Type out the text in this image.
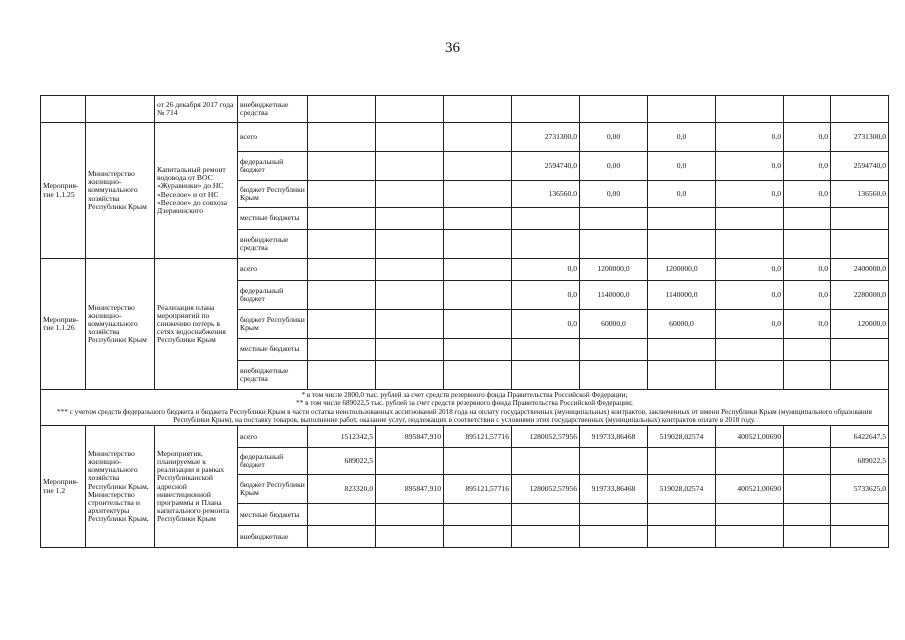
36
		от 26 декабря 2017 года № 714	внебюджетные средства									
Мероприя-тие 1.1.25	Министерство жилищно-коммунального хозяйства Республики Крым	Капитальный ремонт водовода от ВОС «Журавинки» до НС «Веселое» и от НС «Веселое» до совхоза Дзержинского	всего				2731300,0	0,00	0,0	0,0	0,0	2731300,0
			федеральный бюджет				2594740,0	0,00	0,0	0,0	0,0	2594740,0
			бюджет Республики Крым				136560,0	0,00	0,0	0,0	0,0	136560,0
			местные бюджеты									
			внебюджетные средства									
Мероприя-тие 1.1.26	Министерство жилищно-коммунального хозяйства Республики Крым	Реализация плана мероприятий по снижению потерь в сетях водоснабжения Республики Крым	всего				0,0	1200000,0	1200000,0	0,0	0,0	2400000,0
			федеральный бюджет				0,0	1140000,0	1140000,0	0,0	0,0	2280000,0
			бюджет Республики Крым				0,0	60000,0	60000,0	0,0	0,0	120000,0
			местные бюджеты									
			внебюджетные средства									

* в том числе 2800,0 тыс. рублей за счет средств резервного фонда Правительства Российской Федерации;
** в том числе 689022,5 тыс. рублей за счет средств резервного фонда Правительства Российской Федерации;
*** с учетом средств федерального бюджета и бюджета Республики Крым в части остатка неиспользованных ассигнований 2018 года на оплату государственных (муниципальных) контрактов, заключенных от имени Республики Крым (муниципального образования Республики Крым), на поставку товаров, выполнение работ, оказание услуг, подлежащих в соответствии с условиями этих государственных (муниципальных) контрактов оплате в 2018 году.												

Мероприя-тие 1.2	Министерство жилищно-коммунального хозяйства Республики Крым, Министерство строительства и архитектуры Республики Крым,	Мероприятия, планируемые к реализации в рамках Республиканской адресной инвестиционной программы и Плана капитального ремонта Республики Крым	всего	1512342,5	895847,910	895121,57716	1280052,57956	919733,86468	519028,02574	400521,00690		6422647,5
			федеральный бюджет	689022,5								689022,5
			бюджет Республики Крым	823320,0	895847,910	895121,57716	1280052,57956	919733,86468	519028,02574	400521,00690		5733625,0
			местные бюджеты									
			внебюджетные									
